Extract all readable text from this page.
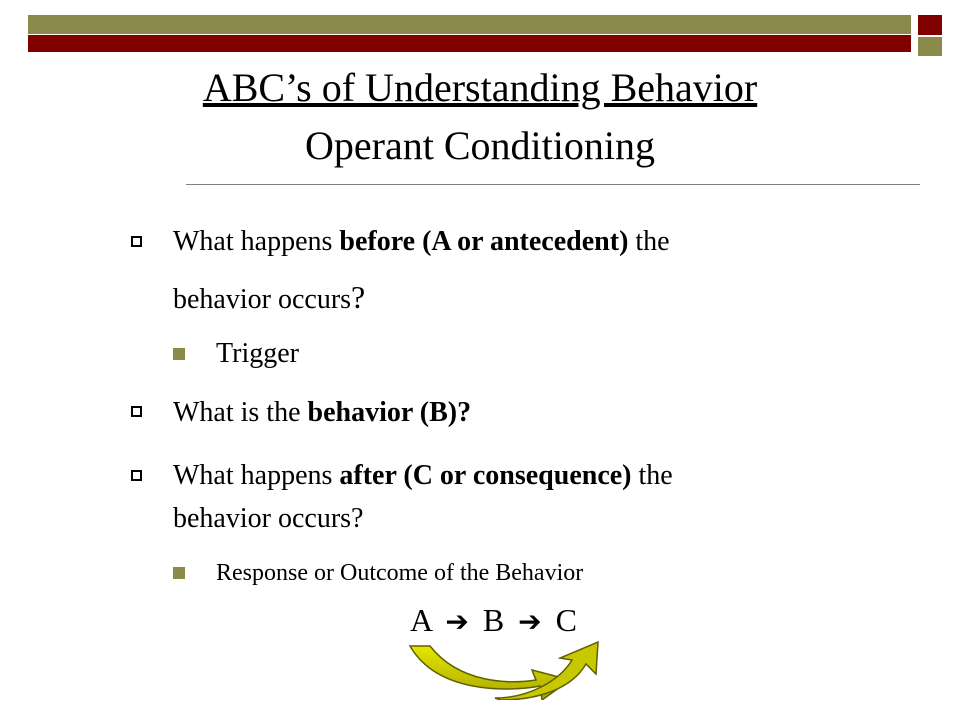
ABC’s of Understanding Behavior
Operant Conditioning
What happens before (A or antecedent) the
behavior occurs?
Trigger
What is the behavior (B)?
What happens after (C or consequence) the
behavior occurs?
Response or Outcome of the Behavior
A ➔ B ➔ C
